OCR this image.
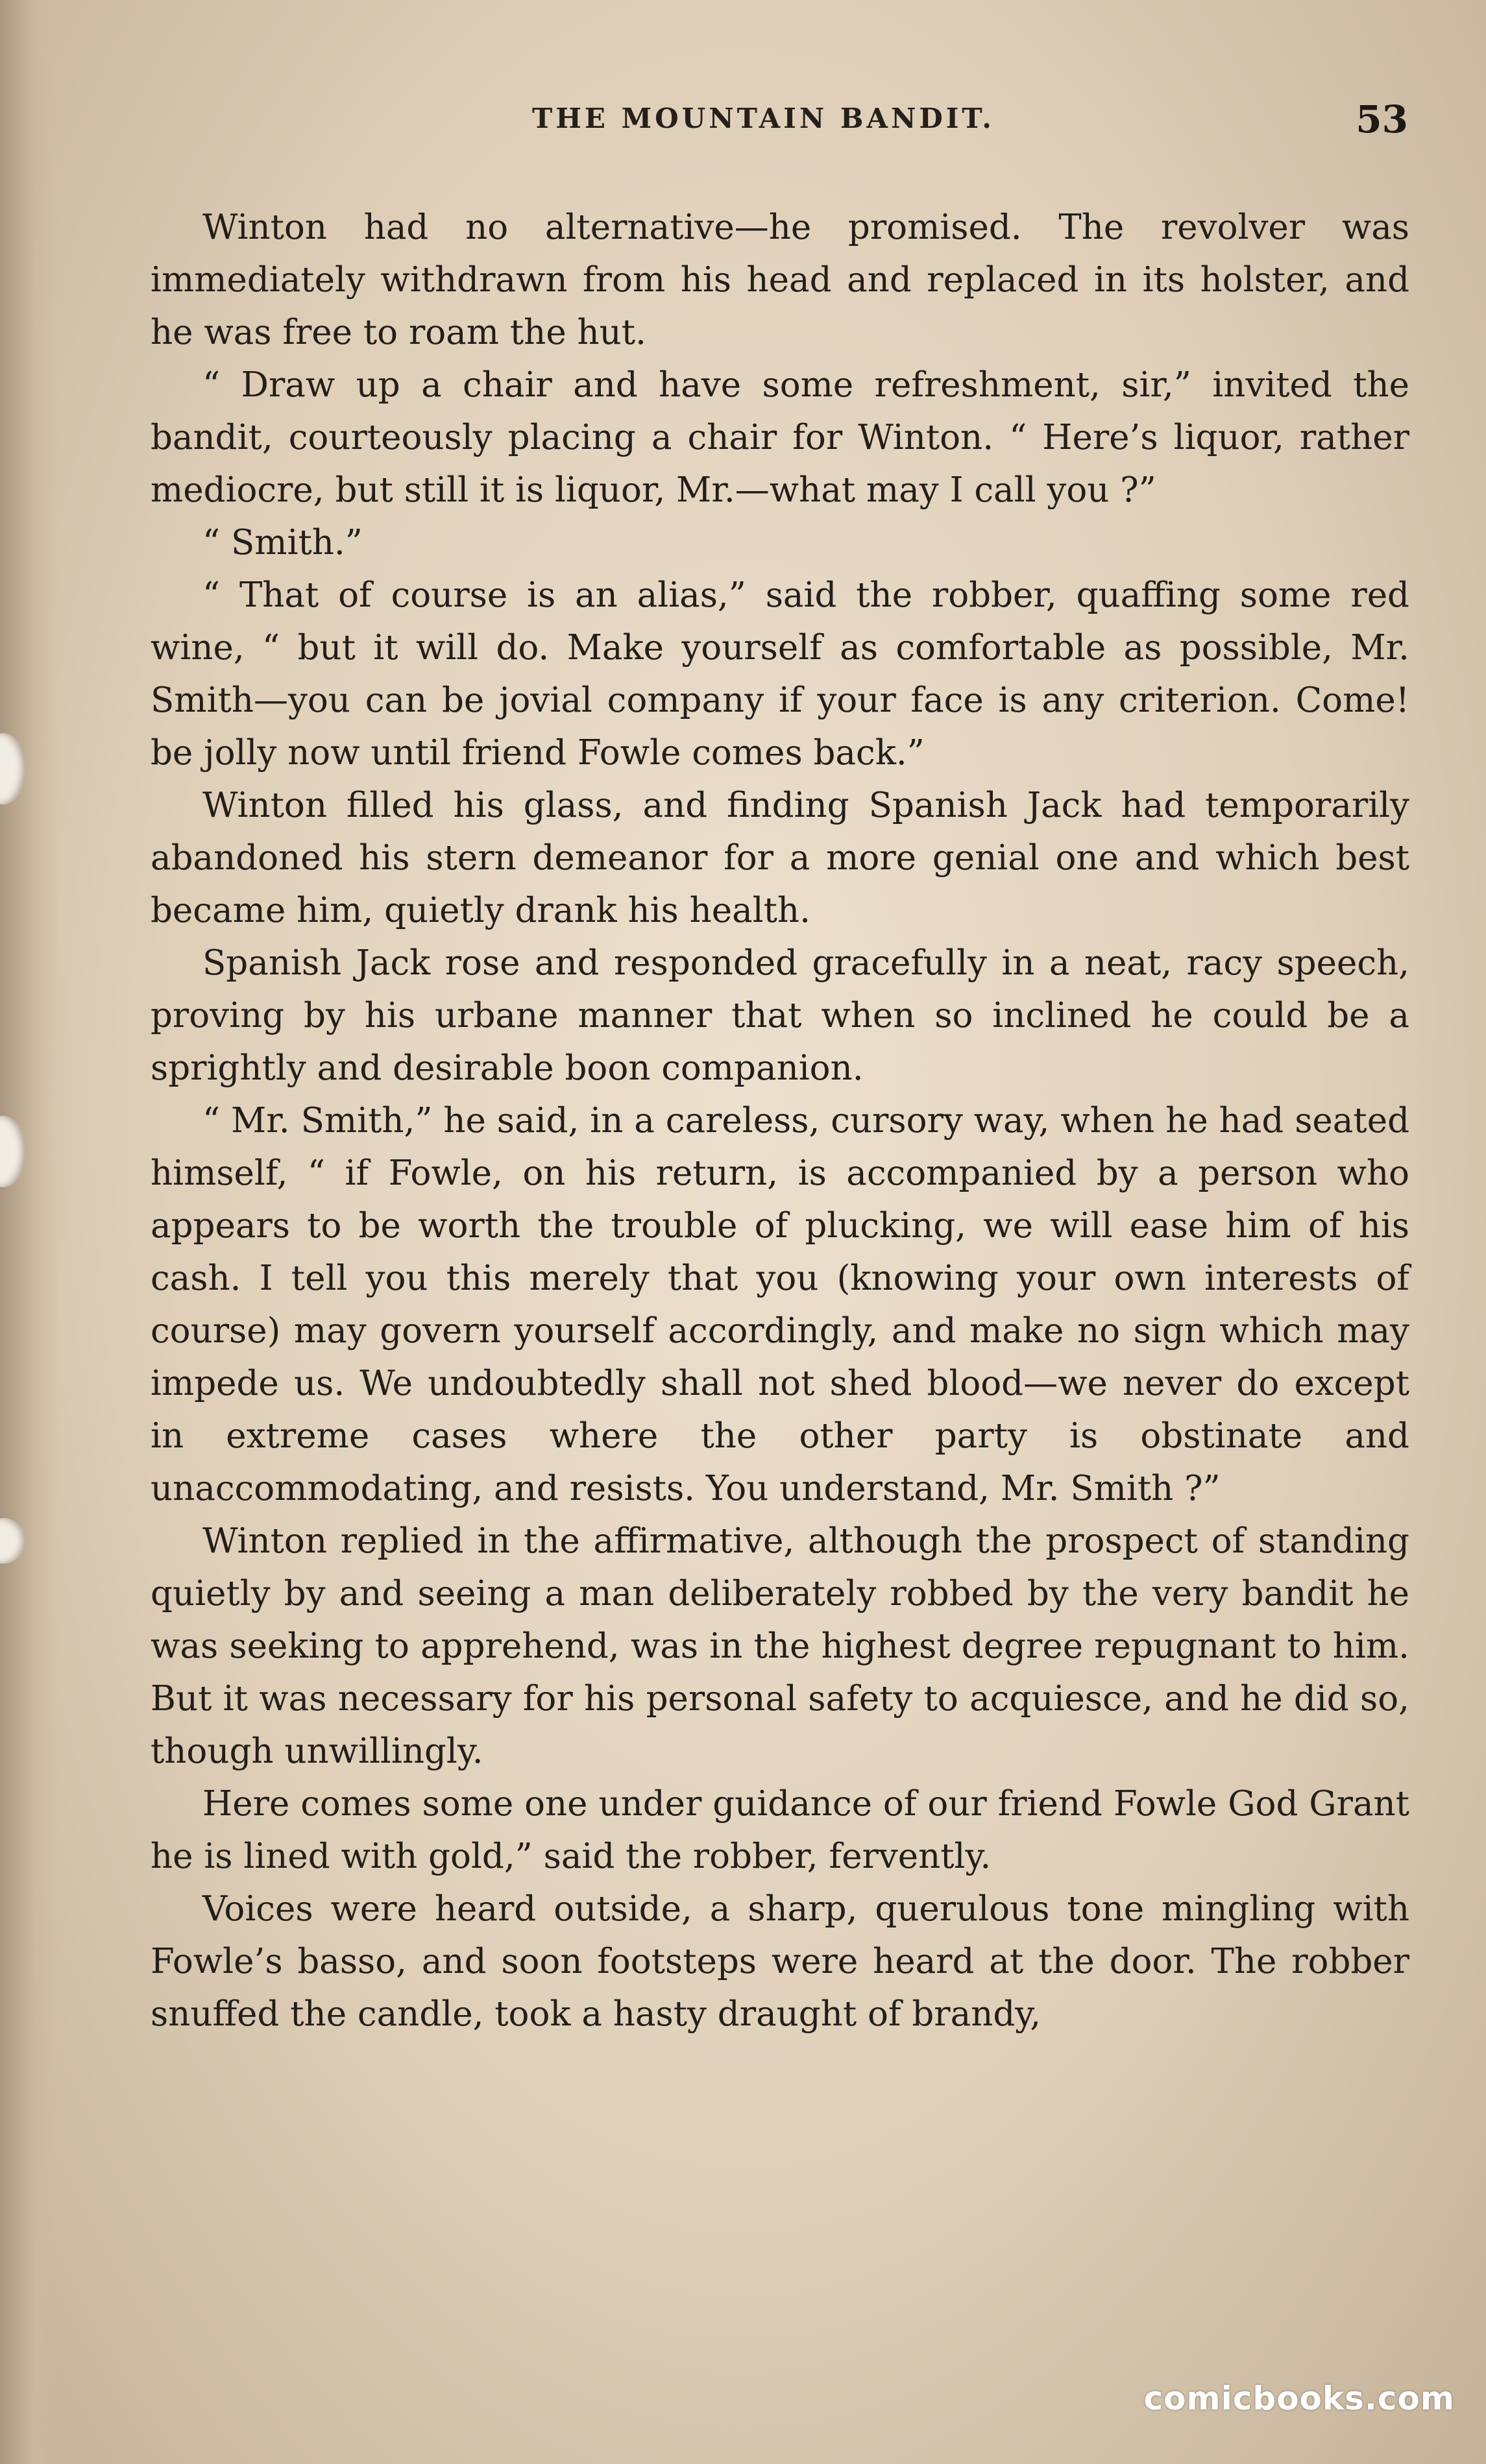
THE MOUNTAIN BANDIT.	53

Winton had no alternative—he promised. The revolver was immediately withdrawn from his head and replaced in its holster, and he was free to roam the hut.

“ Draw up a chair and have some refreshment, sir,” invited the bandit, courteously placing a chair for Winton. “ Here’s liquor, rather mediocre, but still it is liquor, Mr.—what may I call you ?”

“ Smith.”

“ That of course is an alias,” said the robber, quaffing some red wine, “ but it will do. Make yourself as comfortable as possible, Mr. Smith—you can be jovial company if your face is any criterion. Come! be jolly now until friend Fowle comes back.”

Winton filled his glass, and finding Spanish Jack had temporarily abandoned his stern demeanor for a more genial one and which best became him, quietly drank his health.

Spanish Jack rose and responded gracefully in a neat, racy speech, proving by his urbane manner that when so inclined he could be a sprightly and desirable boon companion.

“ Mr. Smith,” he said, in a careless, cursory way, when he had seated himself, “ if Fowle, on his return, is accompanied by a person who appears to be worth the trouble of plucking, we will ease him of his cash. I tell you this merely that you (knowing your own interests of course) may govern yourself accordingly, and make no sign which may impede us. We undoubtedly shall not shed blood—we never do except in extreme cases where the other party is obstinate and unaccommodating, and resists. You understand, Mr. Smith ?”

Winton replied in the affirmative, although the prospect of standing quietly by and seeing a man deliberately robbed by the very bandit he was seeking to apprehend, was in the highest degree repugnant to him. But it was necessary for his personal safety to acquiesce, and he did so, though unwillingly.

Here comes some one under guidance of our friend Fowle God Grant he is lined with gold,” said the robber, fervently.

Voices were heard outside, a sharp, querulous tone mingling with Fowle’s basso, and soon footsteps were heard at the door. The robber snuffed the candle, took a hasty draught of brandy,

comicbooks.com
